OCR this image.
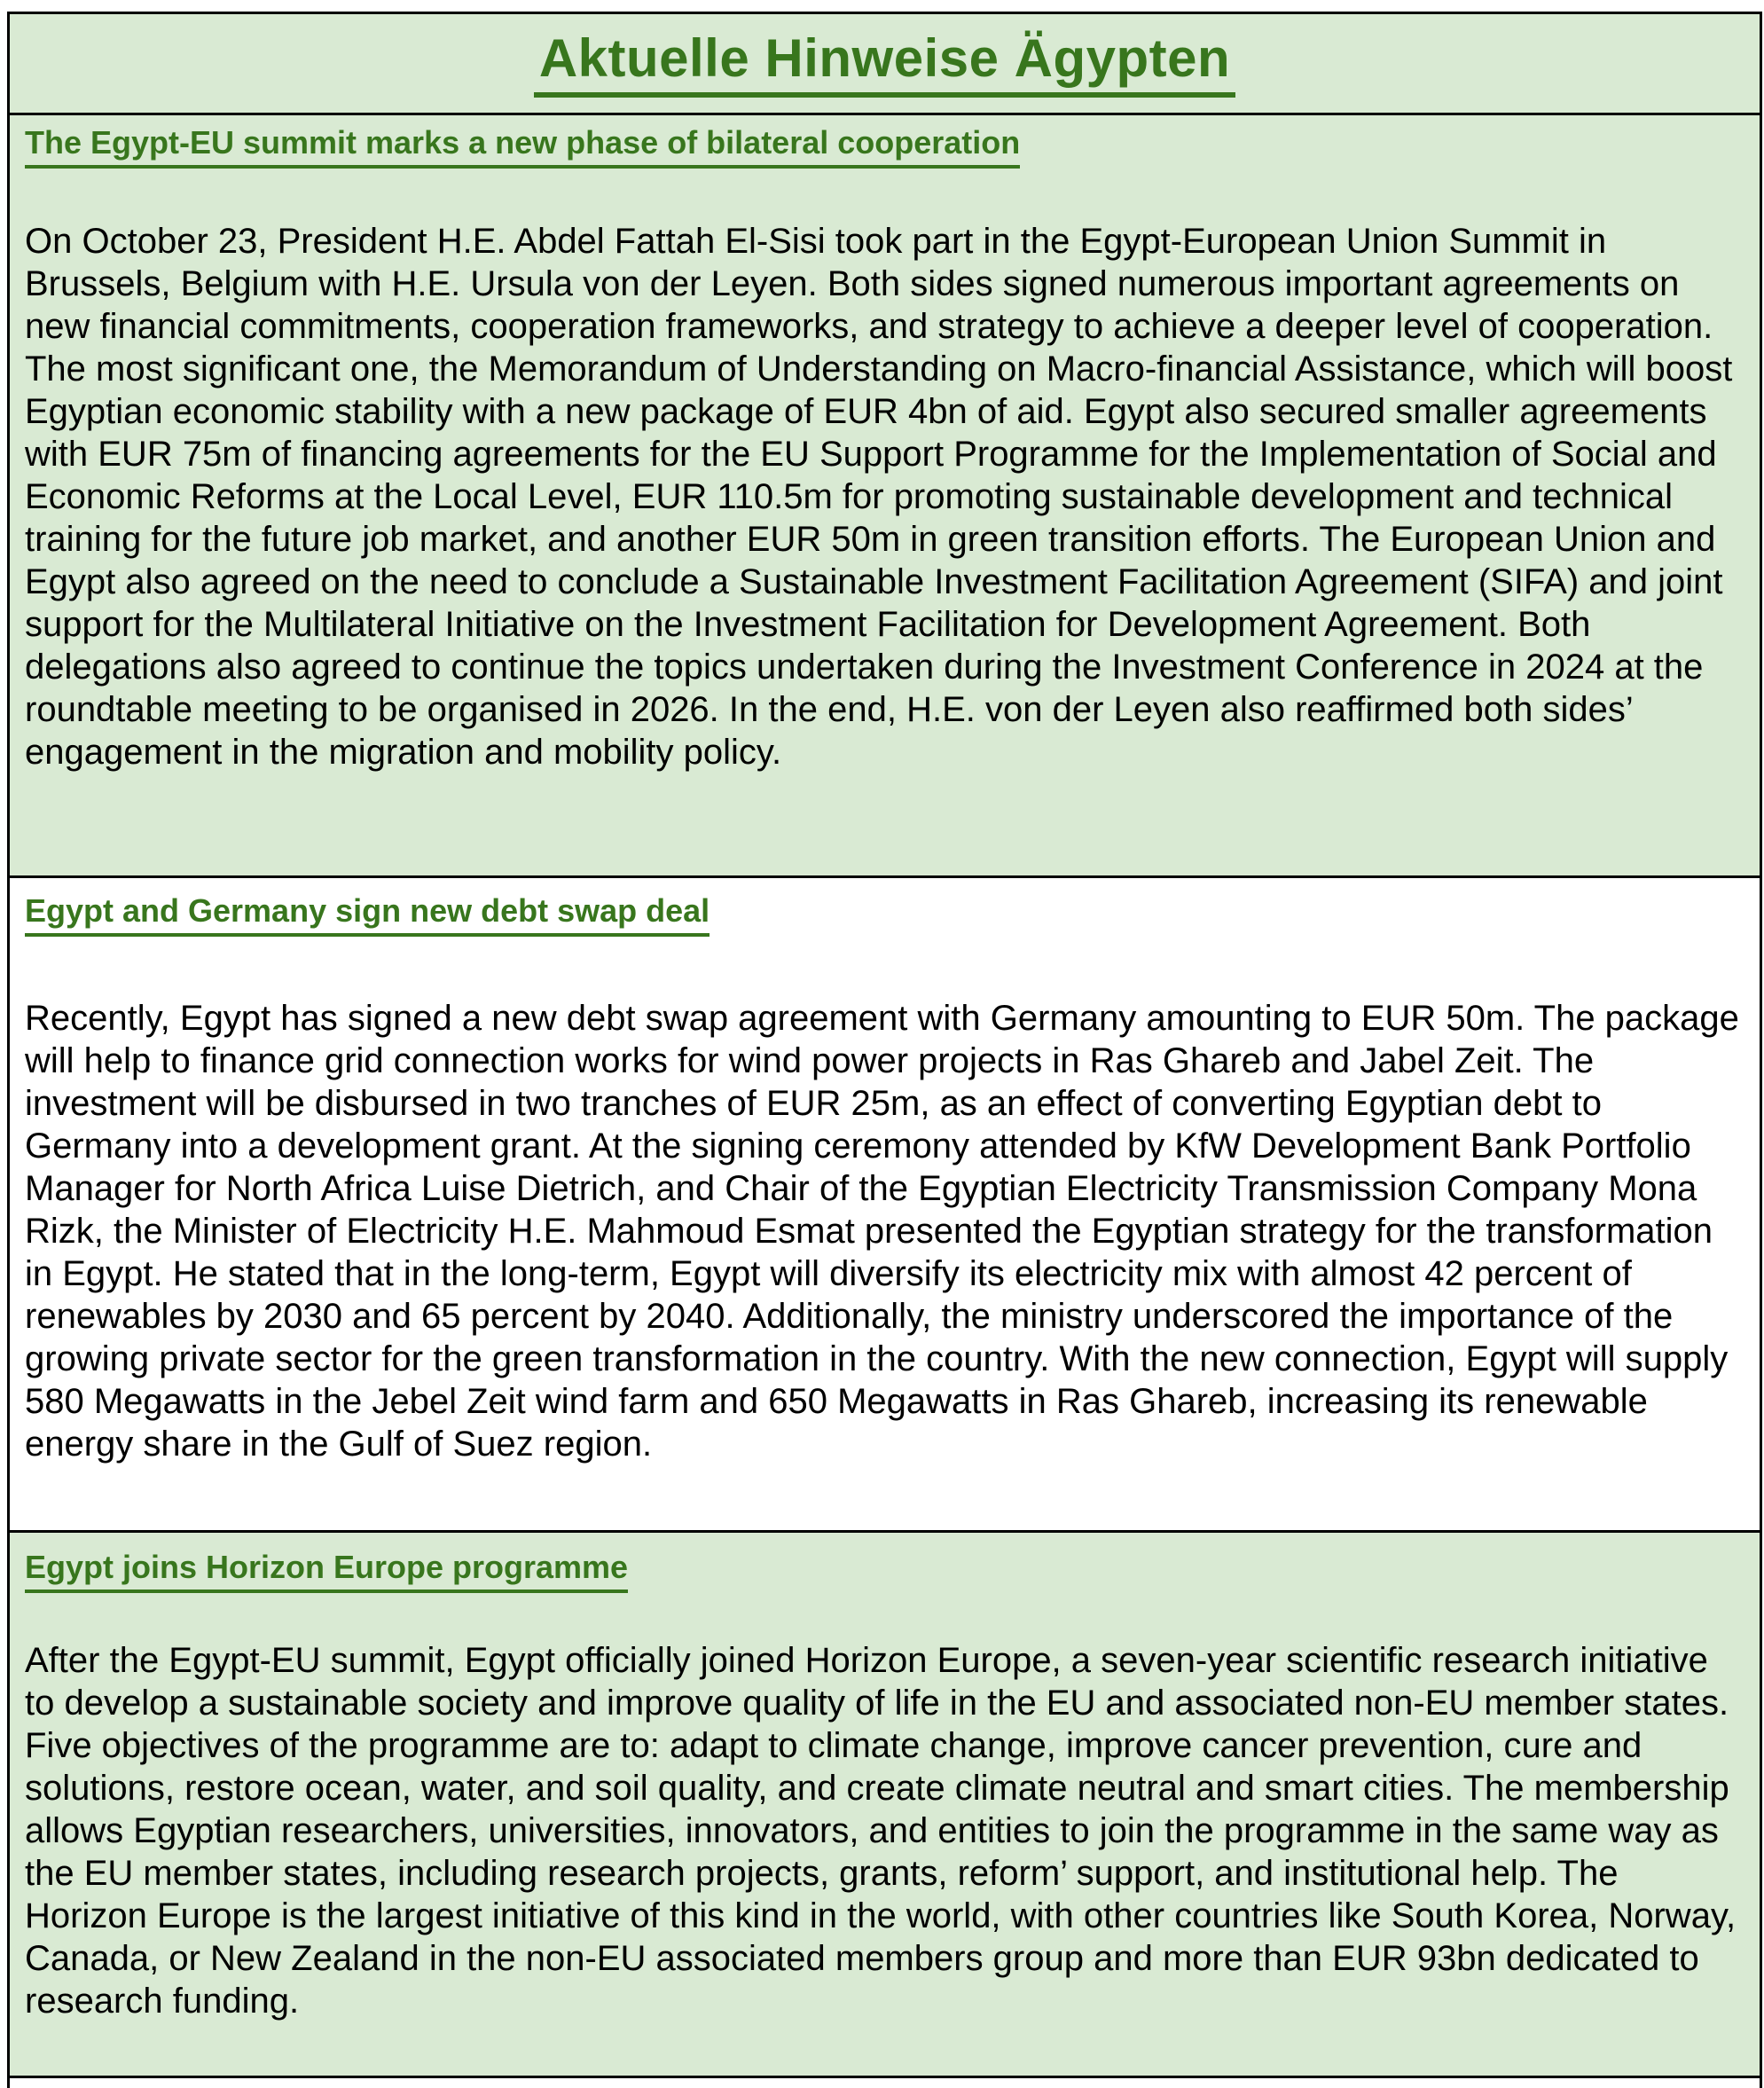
Aktuelle Hinweise Ägypten
The Egypt-EU summit marks a new phase of bilateral cooperation
On October 23, President H.E. Abdel Fattah El-Sisi took part in the Egypt-European Union Summit in Brussels, Belgium with H.E. Ursula von der Leyen. Both sides signed numerous important agreements on new financial commitments, cooperation frameworks, and strategy to achieve a deeper level of cooperation. The most significant one, the Memorandum of Understanding on Macro-financial Assistance, which will boost Egyptian economic stability with a new package of EUR 4bn of aid. Egypt also secured smaller agreements with EUR 75m of financing agreements for the EU Support Programme for the Implementation of Social and Economic Reforms at the Local Level, EUR 110.5m for promoting sustainable development and technical training for the future job market, and another EUR 50m in green transition efforts. The European Union and Egypt also agreed on the need to conclude a Sustainable Investment Facilitation Agreement (SIFA) and joint support for the Multilateral Initiative on the Investment Facilitation for Development Agreement. Both delegations also agreed to continue the topics undertaken during the Investment Conference in 2024 at the roundtable meeting to be organised in 2026. In the end, H.E. von der Leyen also reaffirmed both sides’ engagement in the migration and mobility policy.
Egypt and Germany sign new debt swap deal
Recently, Egypt has signed a new debt swap agreement with Germany amounting to EUR 50m. The package will help to finance grid connection works for wind power projects in Ras Ghareb and Jabel Zeit. The investment will be disbursed in two tranches of EUR 25m, as an effect of converting Egyptian debt to Germany into a development grant. At the signing ceremony attended by KfW Development Bank Portfolio Manager for North Africa Luise Dietrich, and Chair of the Egyptian Electricity Transmission Company Mona Rizk, the Minister of Electricity H.E. Mahmoud Esmat presented the Egyptian strategy for the transformation in Egypt. He stated that in the long-term, Egypt will diversify its electricity mix with almost 42 percent of renewables by 2030 and 65 percent by 2040. Additionally, the ministry underscored the importance of the growing private sector for the green transformation in the country. With the new connection, Egypt will supply 580 Megawatts in the Jebel Zeit wind farm and 650 Megawatts in Ras Ghareb, increasing its renewable energy share in the Gulf of Suez region.
Egypt joins Horizon Europe programme
After the Egypt-EU summit, Egypt officially joined Horizon Europe, a seven-year scientific research initiative to develop a sustainable society and improve quality of life in the EU and associated non-EU member states. Five objectives of the programme are to: adapt to climate change, improve cancer prevention, cure and solutions, restore ocean, water, and soil quality, and create climate neutral and smart cities. The membership allows Egyptian researchers, universities, innovators, and entities to join the programme in the same way as the EU member states, including research projects, grants, reform’ support, and institutional help. The Horizon Europe is the largest initiative of this kind in the world, with other countries like South Korea, Norway, Canada, or New Zealand in the non-EU associated members group and more than EUR 93bn dedicated to research funding.
